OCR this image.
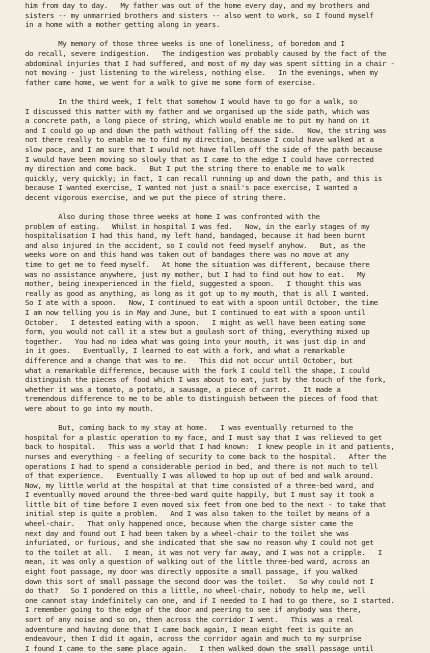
him from day to day.   My father was out of the home every day, and my brothers and
sisters -- my unmarried brothers and sisters -- also went to work, so I found myself
in a home with a mother getting along in years.
My memory of those three weeks is one of loneliness, of boredom and I
do recall, severe indigestion.   The indigestion was probably caused by the fact of the
abdominal injuries that I had suffered, and most of my day was spent sitting in a chair -
not moving - just listening to the wireless, nothing else.   In the evenings, when my
father came home, we went for a walk to give me some form of exercise.
In the third week, I felt that somehow I would have to go for a walk, so
I discussed this matter with my father and we organised up the side path, which was
a concrete path, a long piece of string, which would enable me to put my hand on it
and I could go up and down the path without falling off the side.   Now, the string was
not there really to enable me to find my direction, because I could have walked at a
slow pace, and I am sure that I would not have fallen off the side of the path because
I would have been moving so slowly that as I came to the edge I could have corrected
my direction and come back.   But I put the string there to enable me to walk
quickly, very quickly; in fact, I can recall running up and down the path, and this is
because I wanted exercise, I wanted not just a snail's pace exercise, I wanted a
decent vigorous exercise, and we put the piece of string there.
Also during those three weeks at home I was confronted with the
problem of eating.   Whilst in hospital I was fed.   Now, in the early stages of my
hospitalisation I had this hand, my left hand, bandaged, because it had been burnt
and also injured in the accident, so I could not feed myself anyhow.   But, as the
weeks wore on and this hand was taken out of bandages there was no move at any
time to get me to feed myself.   At home the situation was different, because there
was no assistance anywhere, just my mother, but I had to find out how to eat.   My
mother, being inexperienced in the field, suggested a spoon.   I thought this was
really as good as anything, as long as it got up to my mouth, that is all I wanted.
So I ate with a spoon.   Now, I continued to eat with a spoon until October, the time
I am now telling you is in May and June, but I continued to eat with a spoon until
October.   I detested eating with a spoon.   I might as well have been eating some
form, you would not call it a stew but a goulash sort of thing, everything mixed up
together.   You had no idea what was going into your mouth, it was just dip in and
in it goes.   Eventually, I learned to eat with a fork, and what a remarkable
difference and a change that was to me.   This did not occur until October, but
what a remarkable difference, because with the fork I could tell the shape, I could
distinguish the pieces of food which I was about to eat, just by the touch of the fork,
whether it was a tomato, a potato, a sausage, a piece of carrot.   It made a
tremendous difference to me to be able to distinguish between the pieces of food that
were about to go into my mouth.
But, coming back to my stay at home.   I was eventually returned to the
hospital for a plastic operation to my face, and I must say that I was relieved to get
back to hospital.   This was a world that I had known:  I knew people in it and patients,
nurses and everything - a feeling of security to come back to the hospital.   After the
operations I had to spend a considerable period in bed, and there is not much to tell
of that experience.   Eventually I was allowed to hop up out of bed and walk around.
Now, my little world at the hospital at that time consisted of a three-bed ward, and
I eventually moved around the three-bed ward quite happily, but I must say it took a
little bit of time before I even moved six feet from one bed to the next - to take that
initial step is quite a problem.   And I was also taken to the toilet by means of a
wheel-chair.   That only happened once, because when the charge sister came the
next day and found out I had been taken by a wheel-chair to the toilet she was
infuriated, or furious, and she indicated that she saw no reason why I could not get
to the toilet at all.   I mean, it was not very far away, and I was not a cripple.   I
mean, it was only a question of walking out of the little three-bed ward, across an
eight foot passage, my door was directly opposite a small passage, if you walked
down this sort of small passage the second door was the toilet.   So why could not I
do that?   So I pondered on this a little, no wheel-chair, nobody to help me, well
one cannot stay indefinitely can one, and if I needed to I had to go there, so I started.
I remember going to the edge of the door and peering to see if anybody was there,
sort of any noise and so on, then across the corridor I went.   This was a real
adventure and having done that I came back again, I mean eight feet is quite an
endeavour, then I did it again, across the corridor again and much to my surprise
I found I came to the same place again.   I then walked down the small passage until
